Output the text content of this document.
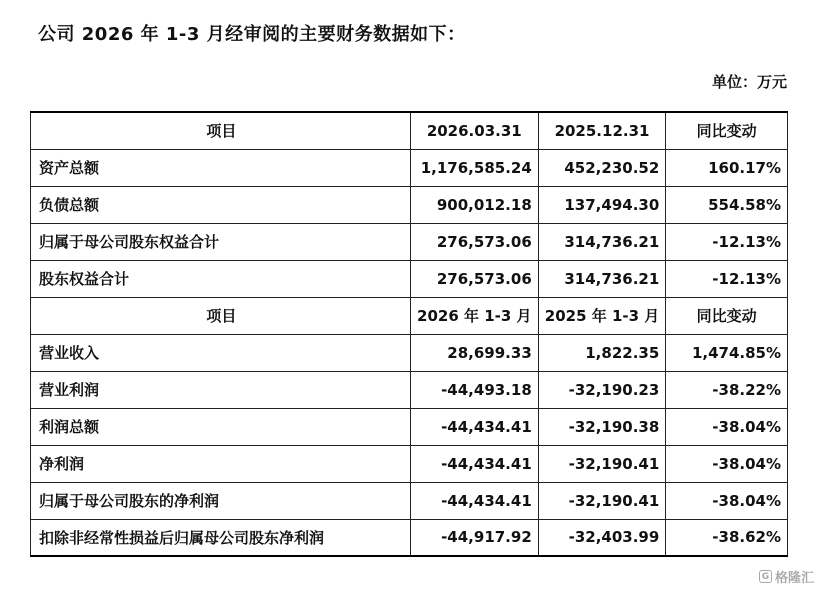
公司 2026 年 1-3 月经审阅的主要财务数据如下：
单位：万元
项目	2026.03.31	2025.12.31	同比变动
资产总额	1,176,585.24	452,230.52	160.17%
负债总额	900,012.18	137,494.30	554.58%
归属于母公司股东权益合计	276,573.06	314,736.21	-12.13%
股东权益合计	276,573.06	314,736.21	-12.13%
项目	2026 年 1-3 月	2025 年 1-3 月	同比变动
营业收入	28,699.33	1,822.35	1,474.85%
营业利润	-44,493.18	-32,190.23	-38.22%
利润总额	-44,434.41	-32,190.38	-38.04%
净利润	-44,434.41	-32,190.41	-38.04%
归属于母公司股东的净利润	-44,434.41	-32,190.41	-38.04%
扣除非经常性损益后归属母公司股东净利润	-44,917.92	-32,403.99	-38.62%
G 格隆汇
